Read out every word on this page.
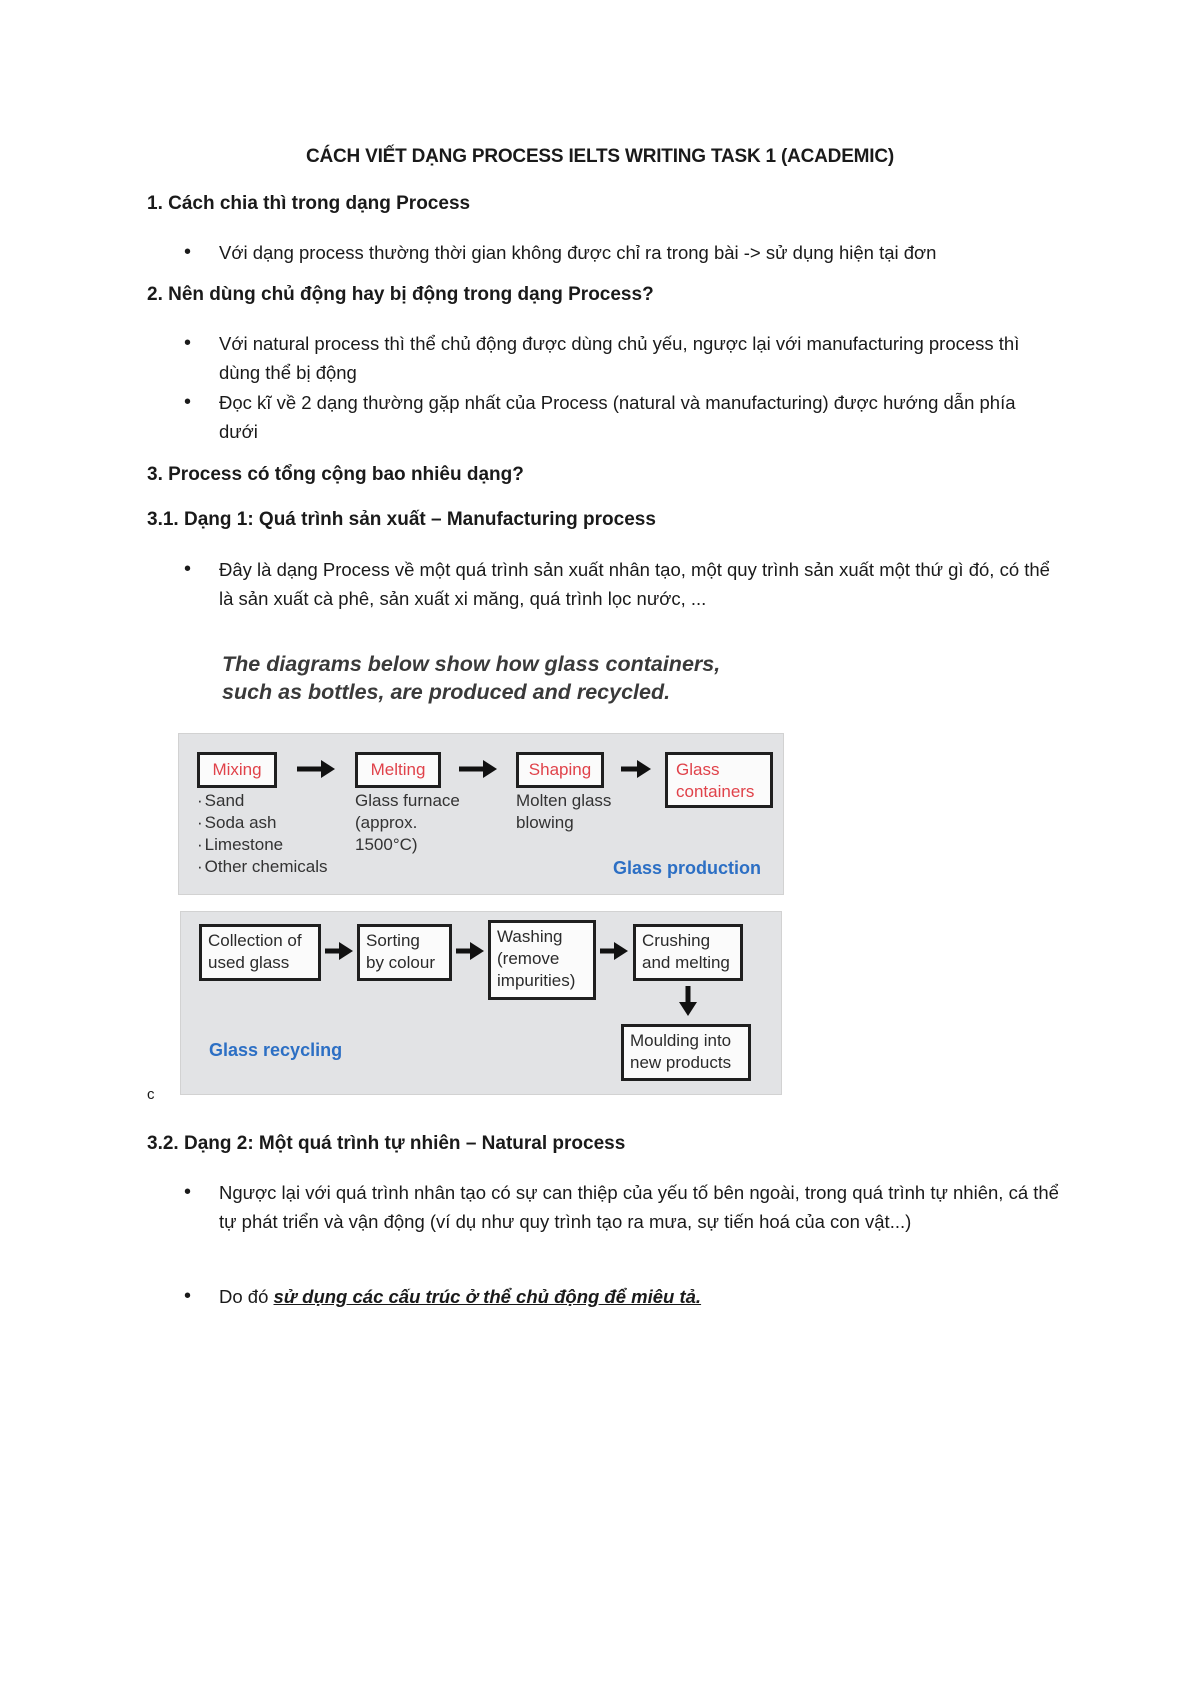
CÁCH VIẾT DẠNG PROCESS IELTS WRITING TASK 1 (ACADEMIC)
1. Cách chia thì trong dạng Process
• Với dạng process thường thời gian không được chỉ ra trong bài -> sử dụng hiện tại đơn
2. Nên dùng chủ động hay bị động trong dạng Process?
• Với natural process thì thể chủ động được dùng chủ yếu, ngược lại với manufacturing process thì dùng thể bị động
• Đọc kĩ về 2 dạng thường gặp nhất của Process (natural và manufacturing) được hướng dẫn phía dưới
3. Process có tổng cộng bao nhiêu dạng?
3.1. Dạng 1: Quá trình sản xuất – Manufacturing process
• Đây là dạng Process về một quá trình sản xuất nhân tạo, một quy trình sản xuất một thứ gì đó, có thể là sản xuất cà phê, sản xuất xi măng, quá trình lọc nước, ...
The diagrams below show how glass containers,
such as bottles, are produced and recycled.
Mixing	Melting	Shaping	Glass
containers
· Sand
· Soda ash
· Limestone
· Other chemicals
Glass furnace
(approx.
1500°C)
Molten glass
blowing
Glass production
Collection of
used glass
Sorting
by colour
Washing
(remove
impurities)
Crushing
and melting
Moulding into
new products
Glass recycling
c
3.2. Dạng 2: Một quá trình tự nhiên – Natural process
• Ngược lại với quá trình nhân tạo có sự can thiệp của yếu tố bên ngoài, trong quá trình tự nhiên, cá thể tự phát triển và vận động (ví dụ như quy trình tạo ra mưa, sự tiến hoá của con vật...)
• Do đó sử dụng các cấu trúc ở thể chủ động để miêu tả.
